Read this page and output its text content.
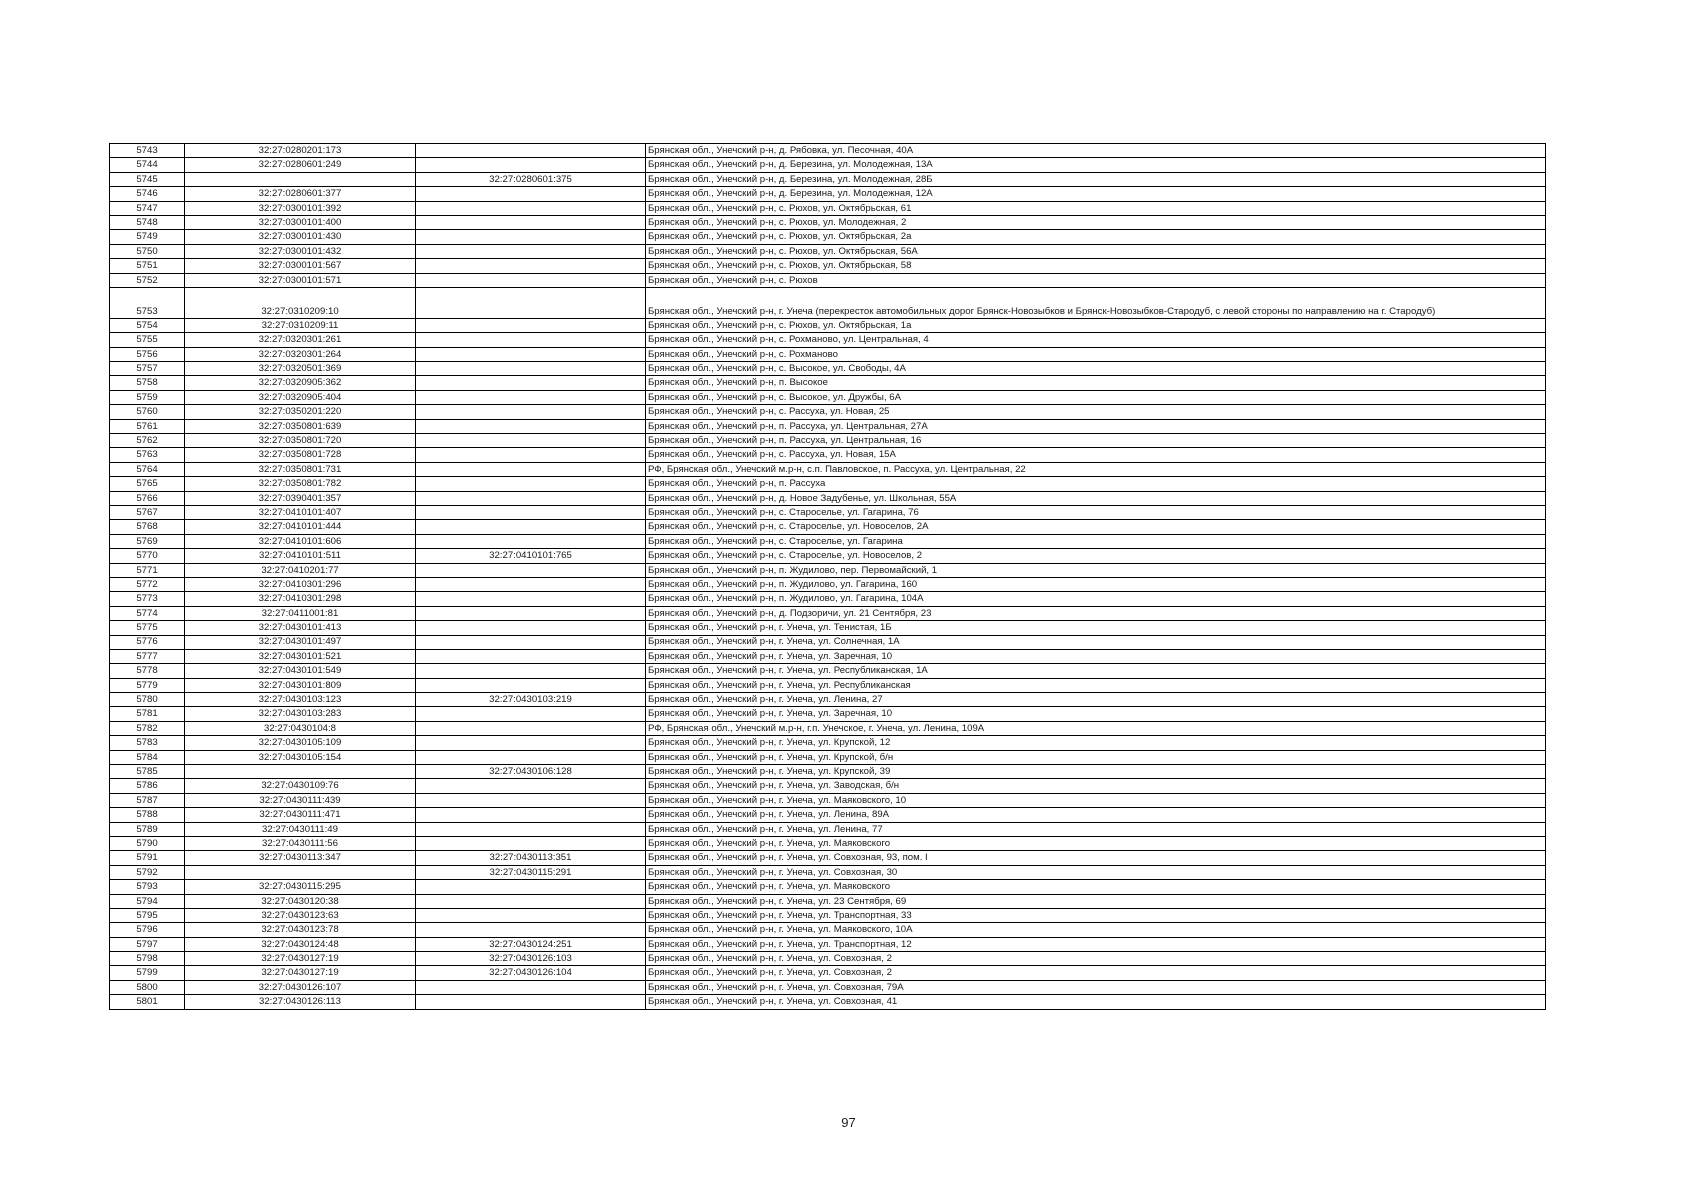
5743	32:27:0280201:173		Брянская обл., Унечский р-н, д. Рябовка, ул. Песочная, 40А
5744	32:27:0280601:249		Брянская обл., Унечский р-н, д. Березина, ул. Молодежная, 13А
5745		32:27:0280601:375	Брянская обл., Унечский р-н, д. Березина, ул. Молодежная, 28Б
5746	32:27:0280601:377		Брянская обл., Унечский р-н, д. Березина, ул. Молодежная, 12А
5747	32:27:0300101:392		Брянская обл., Унечский р-н, с. Рюхов, ул. Октябрьская, 61
5748	32:27:0300101:400		Брянская обл., Унечский р-н, с. Рюхов, ул. Молодежная, 2
5749	32:27:0300101:430		Брянская обл., Унечский р-н, с. Рюхов, ул. Октябрьская, 2а
5750	32:27:0300101:432		Брянская обл., Унечский р-н, с. Рюхов, ул. Октябрьская, 56А
5751	32:27:0300101:567		Брянская обл., Унечский р-н, с. Рюхов, ул. Октябрьская, 58
5752	32:27:0300101:571		Брянская обл., Унечский р-н, с. Рюхов
5753	32:27:0310209:10		Брянская обл., Унечский р-н, г. Унеча (перекресток автомобильных дорог Брянск-Новозыбков и Брянск-Новозыбков-Стародуб, с левой стороны по направлению на г. Стародуб)
5754	32:27:0310209:11		Брянская обл., Унечский р-н, с. Рюхов, ул. Октябрьская, 1а
5755	32:27:0320301:261		Брянская обл., Унечский р-н, с. Рохманово, ул. Центральная, 4
5756	32:27:0320301:264		Брянская обл., Унечский р-н, с. Рохманово
5757	32:27:0320501:369		Брянская обл., Унечский р-н, с. Высокое, ул. Свободы, 4А
5758	32:27:0320905:362		Брянская обл., Унечский р-н, п. Высокое
5759	32:27:0320905:404		Брянская обл., Унечский р-н, с. Высокое, ул. Дружбы, 6А
5760	32:27:0350201:220		Брянская обл., Унечский р-н, с. Рассуха, ул. Новая, 25
5761	32:27:0350801:639		Брянская обл., Унечский р-н, п. Рассуха, ул. Центральная, 27А
5762	32:27:0350801:720		Брянская обл., Унечский р-н, п. Рассуха, ул. Центральная, 16
5763	32:27:0350801:728		Брянская обл., Унечский р-н, с. Рассуха, ул. Новая, 15А
5764	32:27:0350801:731		РФ, Брянская обл., Унечский м.р-н, с.п. Павловское, п. Рассуха, ул. Центральная, 22
5765	32:27:0350801:782		Брянская обл., Унечский р-н, п. Рассуха
5766	32:27:0390401:357		Брянская обл., Унечский р-н, д. Новое Задубенье, ул. Школьная, 55А
5767	32:27:0410101:407		Брянская обл., Унечский р-н, с. Староселье, ул. Гагарина, 76
5768	32:27:0410101:444		Брянская обл., Унечский р-н, с. Староселье, ул. Новоселов, 2А
5769	32:27:0410101:606		Брянская обл., Унечский р-н, с. Староселье, ул. Гагарина
5770	32:27:0410101:511	32:27:0410101:765	Брянская обл., Унечский р-н, с. Староселье, ул. Новоселов, 2
5771	32:27:0410201:77		Брянская обл., Унечский р-н, п. Жудилово, пер. Первомайский, 1
5772	32:27:0410301:296		Брянская обл., Унечский р-н, п. Жудилово, ул. Гагарина, 160
5773	32:27:0410301:298		Брянская обл., Унечский р-н, п. Жудилово, ул. Гагарина, 104А
5774	32:27:0411001:81		Брянская обл., Унечский р-н, д. Подзоричи, ул. 21 Сентября, 23
5775	32:27:0430101:413		Брянская обл., Унечский р-н, г. Унеча, ул. Тенистая, 1Б
5776	32:27:0430101:497		Брянская обл., Унечский р-н, г. Унеча, ул. Солнечная, 1А
5777	32:27:0430101:521		Брянская обл., Унечский р-н, г. Унеча, ул. Заречная, 10
5778	32:27:0430101:549		Брянская обл., Унечский р-н, г. Унеча, ул. Республиканская, 1А
5779	32:27:0430101:809		Брянская обл., Унечский р-н, г. Унеча, ул. Республиканская
5780	32:27:0430103:123	32:27:0430103:219	Брянская обл., Унечский р-н, г. Унеча, ул. Ленина, 27
5781	32:27:0430103:283		Брянская обл., Унечский р-н, г. Унеча, ул. Заречная, 10
5782	32:27:0430104:8		РФ, Брянская обл., Унечский м.р-н, г.п. Унечское, г. Унеча, ул. Ленина, 109А
5783	32:27:0430105:109		Брянская обл., Унечский р-н, г. Унеча, ул. Крупской, 12
5784	32:27:0430105:154		Брянская обл., Унечский р-н, г. Унеча, ул. Крупской, б/н
5785		32:27:0430106:128	Брянская обл., Унечский р-н, г. Унеча, ул. Крупской, 39
5786	32:27:0430109:76		Брянская обл., Унечский р-н, г. Унеча, ул. Заводская, б/н
5787	32:27:0430111:439		Брянская обл., Унечский р-н, г. Унеча, ул. Маяковского, 10
5788	32:27:0430111:471		Брянская обл., Унечский р-н, г. Унеча, ул. Ленина, 89А
5789	32:27:0430111:49		Брянская обл., Унечский р-н, г. Унеча, ул. Ленина, 77
5790	32:27:0430111:56		Брянская обл., Унечский р-н, г. Унеча, ул. Маяковского
5791	32:27:0430113:347	32:27:0430113:351	Брянская обл., Унечский р-н, г. Унеча, ул. Совхозная, 93, пом. I
5792		32:27:0430115:291	Брянская обл., Унечский р-н, г. Унеча, ул. Совхозная, 30
5793	32:27:0430115:295		Брянская обл., Унечский р-н, г. Унеча, ул. Маяковского
5794	32:27:0430120:38		Брянская обл., Унечский р-н, г. Унеча, ул. 23 Сентября, 69
5795	32:27:0430123:63		Брянская обл., Унечский р-н, г. Унеча, ул. Транспортная, 33
5796	32:27:0430123:78		Брянская обл., Унечский р-н, г. Унеча, ул. Маяковского, 10А
5797	32:27:0430124:48	32:27:0430124:251	Брянская обл., Унечский р-н, г. Унеча, ул. Транспортная, 12
5798	32:27:0430127:19	32:27:0430126:103	Брянская обл., Унечский р-н, г. Унеча, ул. Совхозная, 2
5799	32:27:0430127:19	32:27:0430126:104	Брянская обл., Унечский р-н, г. Унеча, ул. Совхозная, 2
5800	32:27:0430126:107		Брянская обл., Унечский р-н, г. Унеча, ул. Совхозная, 79А
5801	32:27:0430126:113		Брянская обл., Унечский р-н, г. Унеча, ул. Совхозная, 41
97
